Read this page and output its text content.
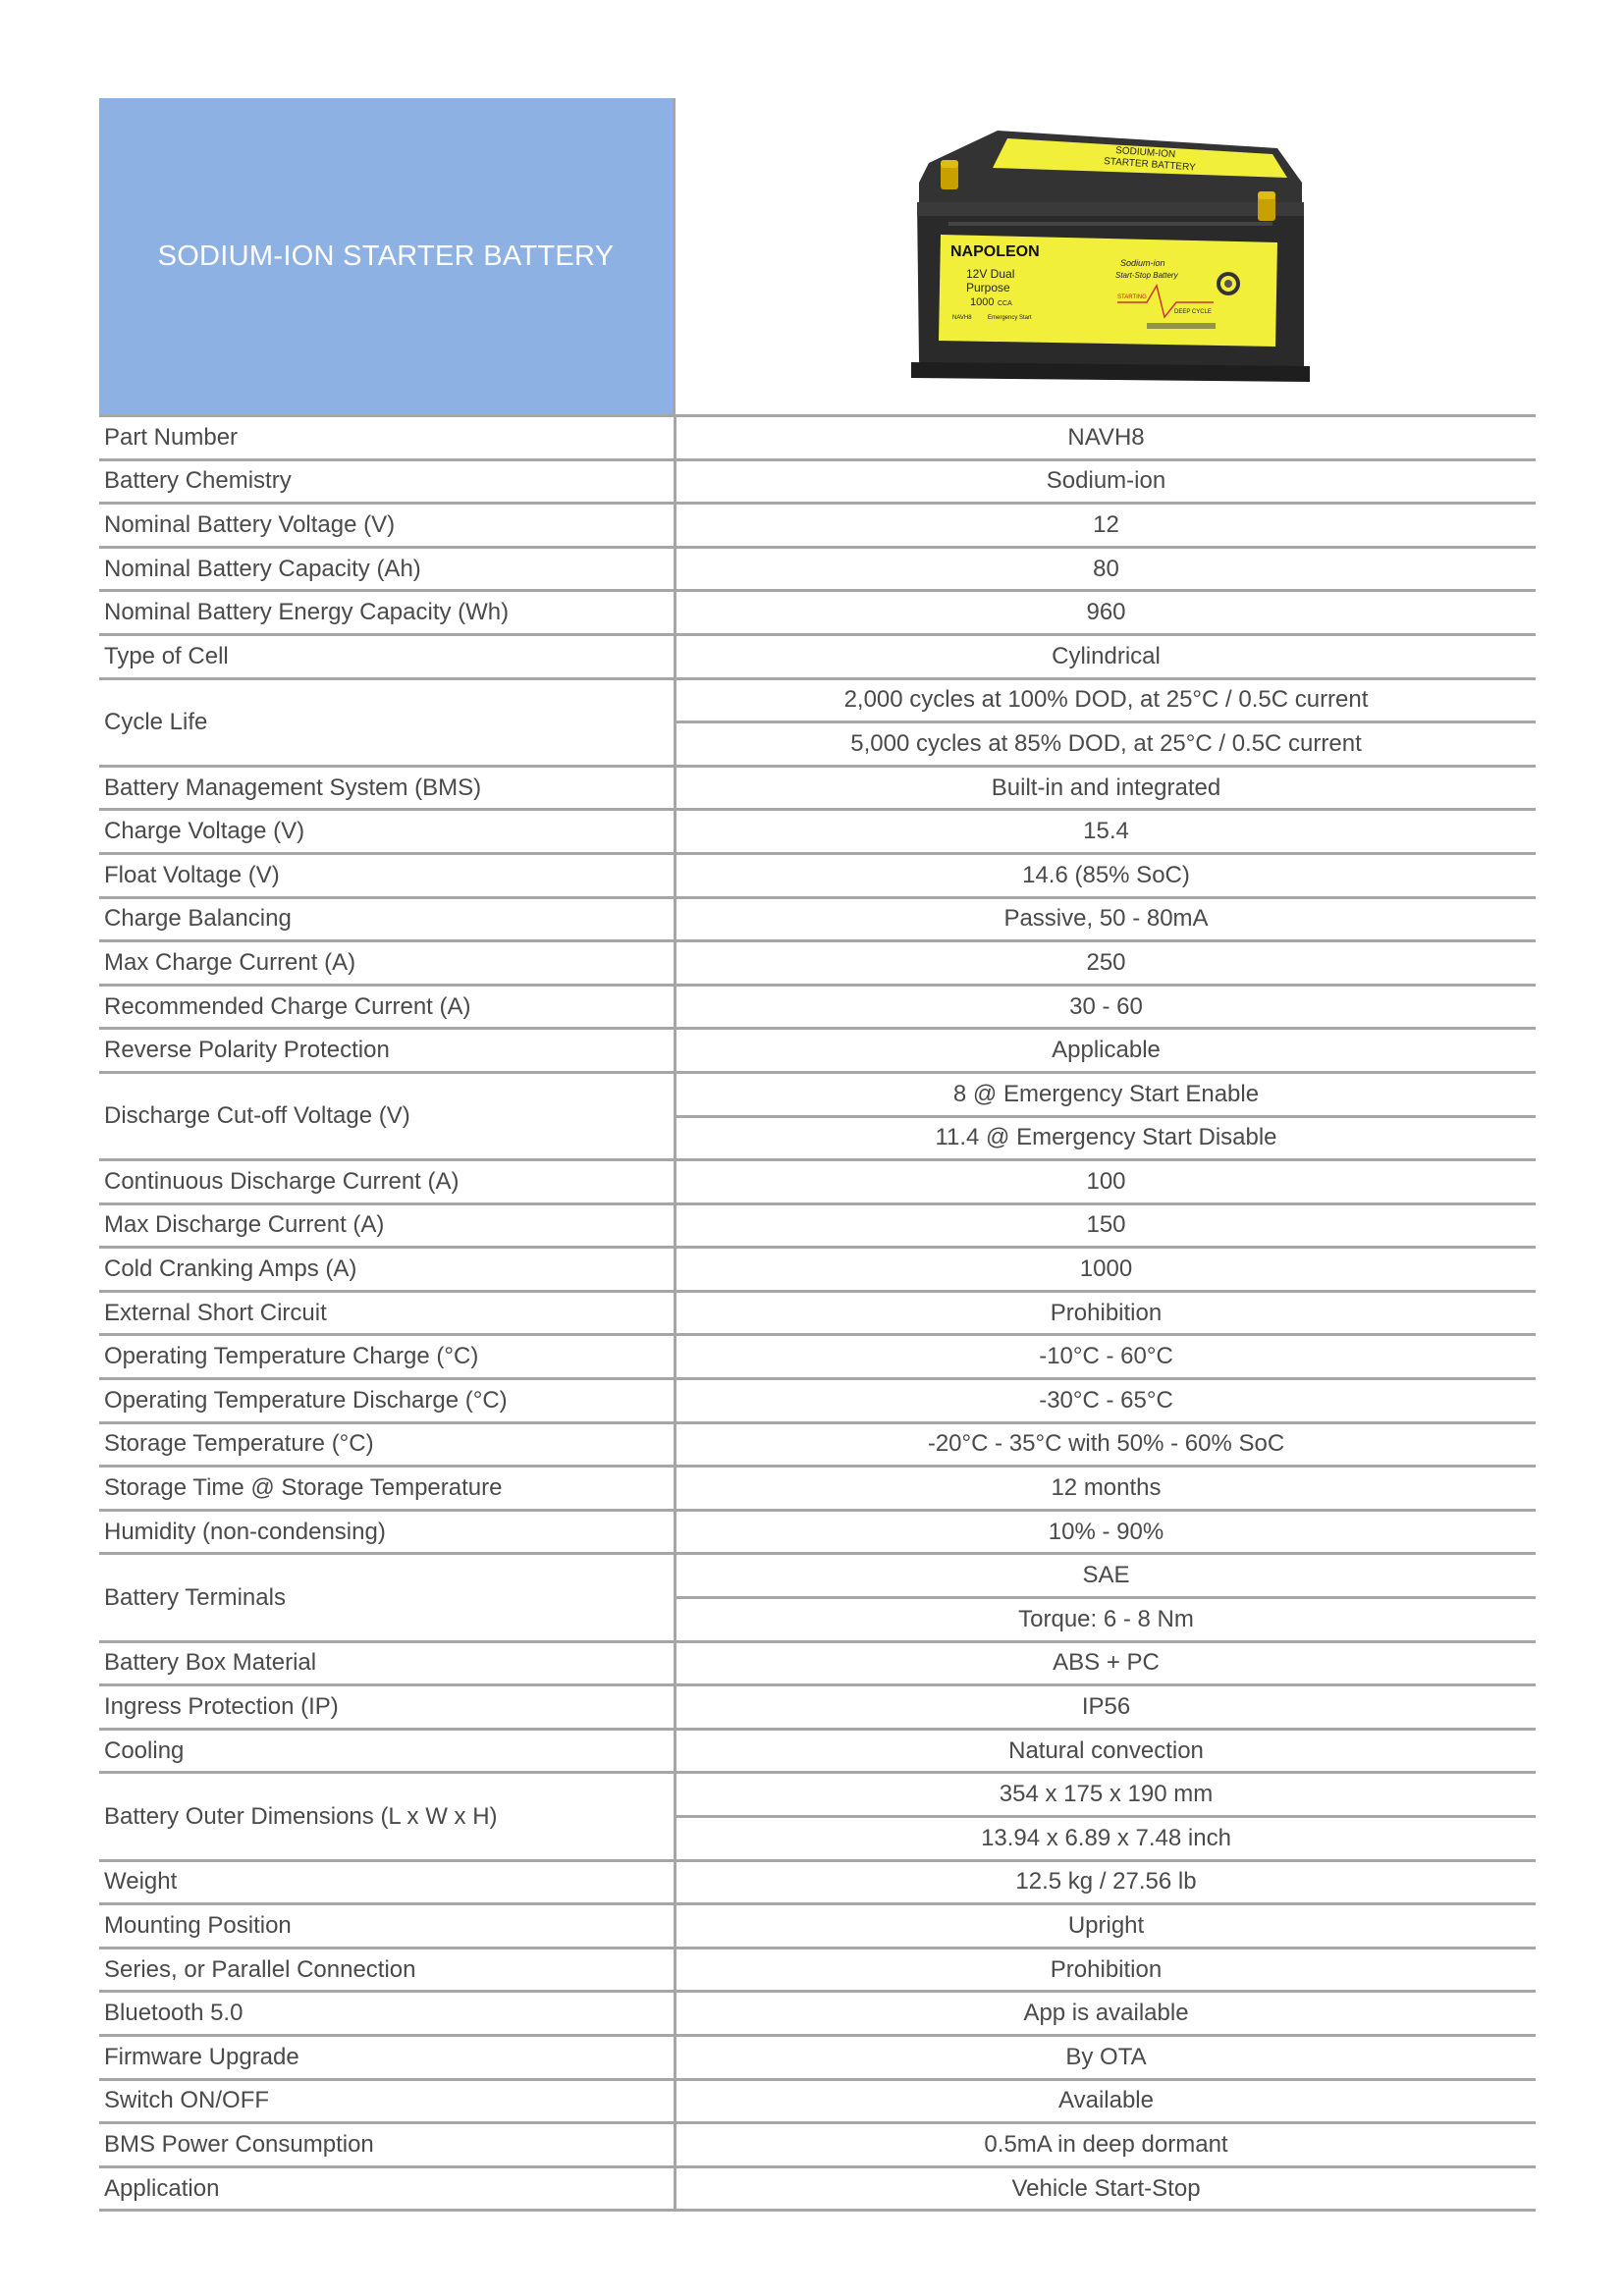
SODIUM-ION STARTER BATTERY
SODIUM-ION
STARTER BATTERY
NAPOLEON
12V Dual
Purpose
1000 CCA
NAVH8	Emergency Start
Sodium-ion
Start-Stop Battery
STARTING
DEEP CYCLE
Part Number	NAVH8
Battery Chemistry	Sodium-ion
Nominal Battery Voltage (V)	12
Nominal Battery Capacity (Ah)	80
Nominal Battery Energy Capacity (Wh)	960
Type of Cell	Cylindrical
Cycle Life	2,000 cycles at 100% DOD, at 25°C / 0.5C current
	5,000 cycles at 85% DOD, at 25°C / 0.5C current
Battery Management System (BMS)	Built-in and integrated
Charge Voltage (V)	15.4
Float Voltage (V)	14.6 (85% SoC)
Charge Balancing	Passive, 50 - 80mA
Max Charge Current (A)	250
Recommended Charge Current (A)	30 - 60
Reverse Polarity Protection	Applicable
Discharge Cut-off Voltage (V)	8 @ Emergency Start Enable
	11.4 @ Emergency Start Disable
Continuous Discharge Current (A)	100
Max Discharge Current (A)	150
Cold Cranking Amps (A)	1000
External Short Circuit	Prohibition
Operating Temperature Charge (°C)	-10°C - 60°C
Operating Temperature Discharge (°C)	-30°C - 65°C
Storage Temperature (°C)	-20°C - 35°C with 50% - 60% SoC
Storage Time @ Storage Temperature	12 months
Humidity (non-condensing)	10% - 90%
Battery Terminals	SAE
	Torque: 6 - 8 Nm
Battery Box Material	ABS + PC
Ingress Protection (IP)	IP56
Cooling	Natural convection
Battery Outer Dimensions (L x W x H)	354 x 175 x 190 mm
	13.94 x 6.89 x 7.48 inch
Weight	12.5 kg / 27.56 lb
Mounting Position	Upright
Series, or Parallel Connection	Prohibition
Bluetooth 5.0	App is available
Firmware Upgrade	By OTA
Switch ON/OFF	Available
BMS Power Consumption	0.5mA in deep dormant
Application	Vehicle Start-Stop
